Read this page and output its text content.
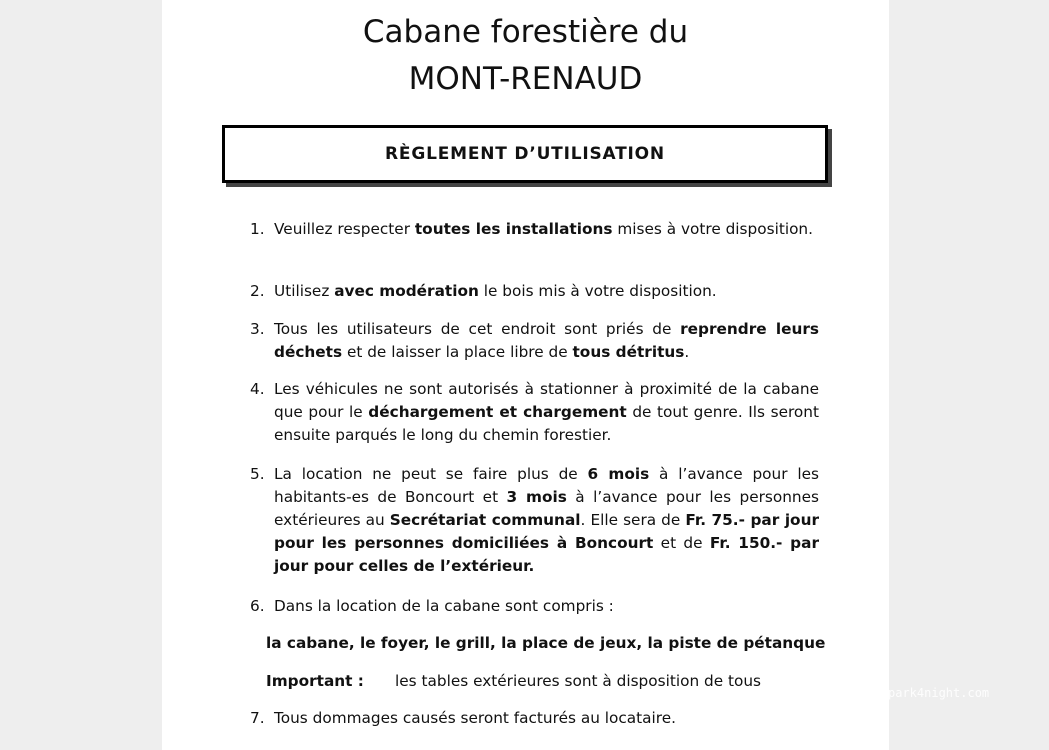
Cabane forestière du
MONT-RENAUD
RÈGLEMENT D’UTILISATION
1. Veuillez respecter toutes les installations mises à votre disposition.
2. Utilisez avec modération le bois mis à votre disposition.
3. Tous les utilisateurs de cet endroit sont priés de reprendre leurs déchets et de laisser la place libre de tous détritus.
4. Les véhicules ne sont autorisés à stationner à proximité de la cabane que pour le déchargement et chargement de tout genre. Ils seront ensuite parqués le long du chemin forestier.
5. La location ne peut se faire plus de 6 mois à l’avance pour les habitants-es de Boncourt et 3 mois à l’avance pour les personnes extérieures au Secrétariat communal. Elle sera de Fr. 75.- par jour pour les personnes domiciliées à Boncourt et de Fr. 150.- par jour pour celles de l’extérieur.
6. Dans la location de la cabane sont compris :
la cabane, le foyer, le grill, la place de jeux, la piste de pétanque
Important : les tables extérieures sont à disposition de tous
7. Tous dommages causés seront facturés au locataire.
park4night.com
